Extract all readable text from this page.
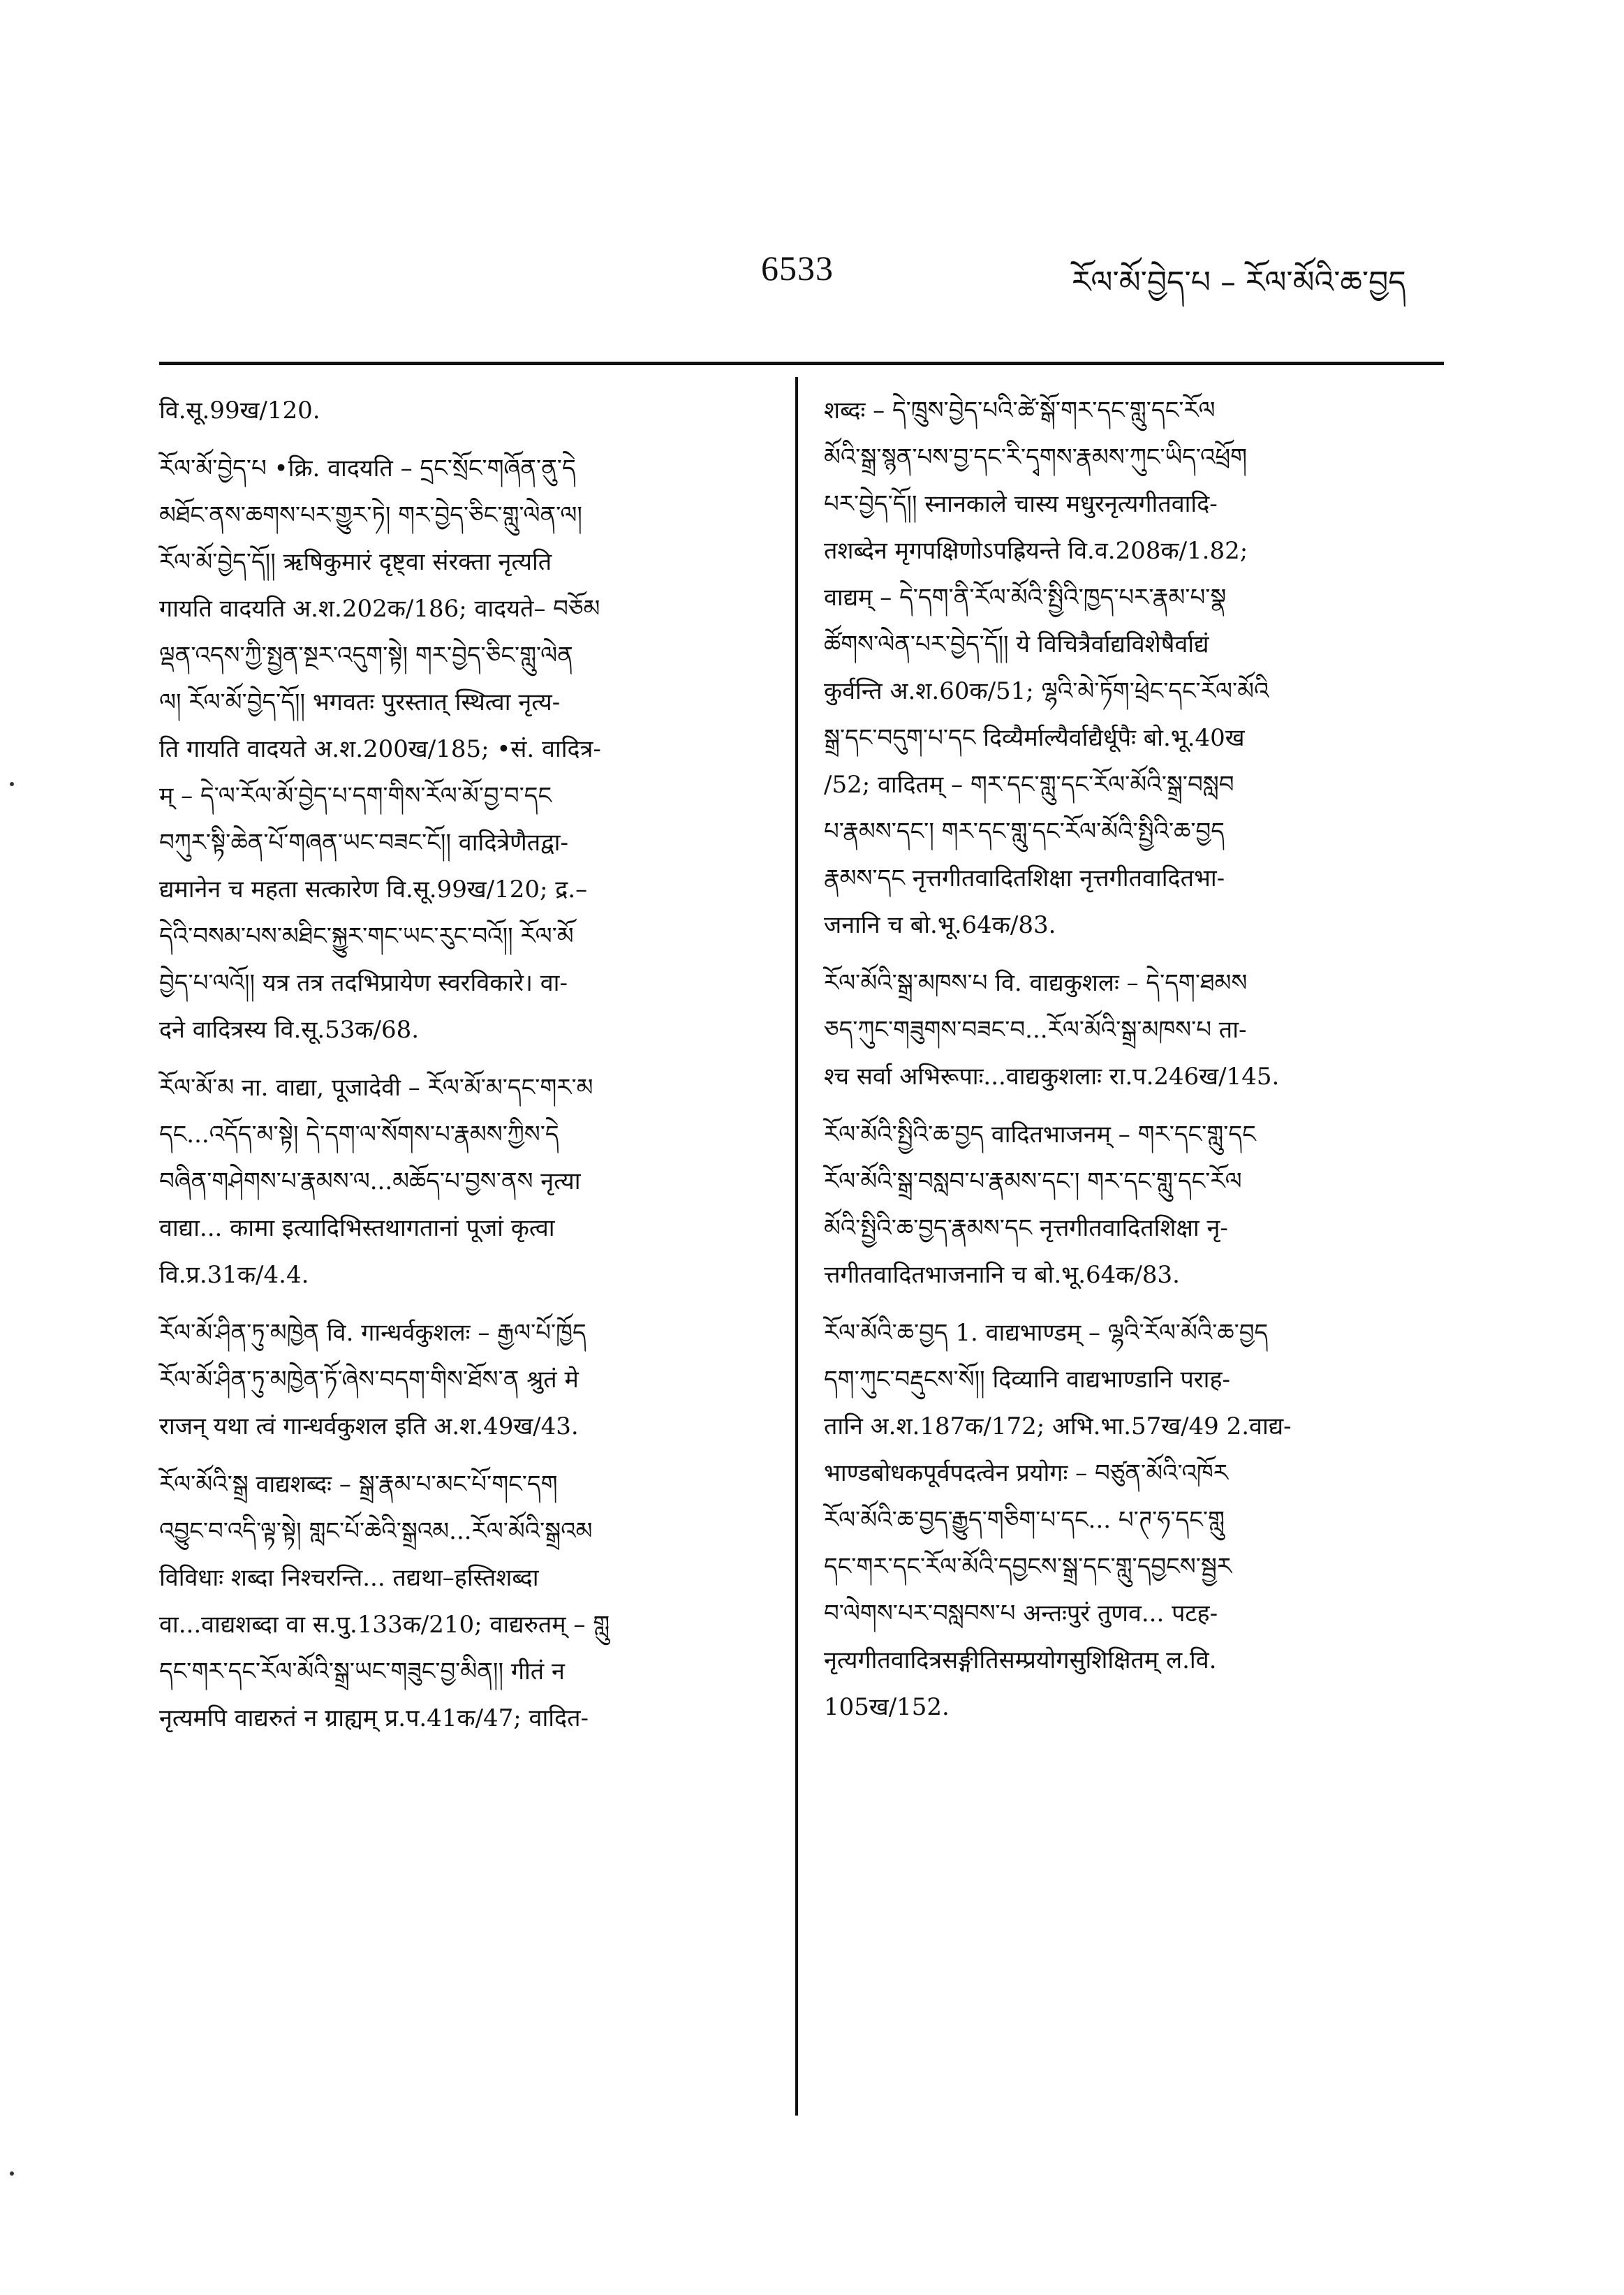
6533	རོལ་མོ་བྱེད་པ – རོལ་མོའི་ཆ་བྱད
वि.सू.99ख/120.
རོལ་མོ་བྱེད་པ •क्रि. वादयति – དྲང་སྲོང་གཞོན་ནུ་དེ
མཐོང་ནས་ཆགས་པར་གྱུར་ཏེ། གར་བྱེད་ཅིང་གླུ་ལེན་ལ།
རོལ་མོ་བྱེད་དོ།། ऋषिकुमारं दृष्ट्वा संरक्ता नृत्यति
गायति वादयति अ.श.202क/186; वादयते– བཅོམ
ལྡན་འདས་ཀྱི་སྤྱན་སྔར་འདུག་སྟེ། གར་བྱེད་ཅིང་གླུ་ལེན
ལ། རོལ་མོ་བྱེད་དོ།། भगवतः पुरस्तात् स्थित्वा नृत्य-
ति गायति वादयते अ.श.200ख/185; •सं. वादित्र-
म् – དེ་ལ་རོལ་མོ་བྱེད་པ་དག་གིས་རོལ་མོ་བྱ་བ་དང
བཀུར་སྟི་ཆེན་པོ་གཞན་ཡང་བཟང་ངོ།། वादित्रेणैतद्वा-
द्यमानेन च महता सत्कारेण वि.सू.99ख/120; द्र.–
དེའི་བསམ་པས་མཐིང་སྐྱུར་གང་ཡང་རུང་བའོ།། རོལ་མོ
བྱེད་པ་ལའོ།། यत्र तत्र तदभिप्रायेण स्वरविकारे। वा-
दने वादित्रस्य वि.सू.53क/68.
རོལ་མོ་མ ना. वाद्या, पूजादेवी – རོལ་མོ་མ་དང་གར་མ
དང...འདོད་མ་སྟེ། དེ་དག་ལ་སོགས་པ་རྣམས་ཀྱིས་དེ
བཞིན་གཤེགས་པ་རྣམས་ལ...མཆོད་པ་བྱས་ནས नृत्या
वाद्या... कामा इत्यादिभिस्तथागतानां पूजां कृत्वा
वि.प्र.31क/4.4.
རོལ་མོ་ཤིན་ཏུ་མཁྱེན वि. गान्धर्वकुशलः – རྒྱལ་པོ་ཁྱོད
རོལ་མོ་ཤིན་ཏུ་མཁྱེན་ཏོ་ཞེས་བདག་གིས་ཐོས་ན श्रुतं मे
राजन् यथा त्वं गान्धर्वकुशल इति अ.श.49ख/43.
རོལ་མོའི་སྒྲ वाद्यशब्दः – སྒྲ་རྣམ་པ་མང་པོ་གང་དག
འབྱུང་བ་འདི་ལྟ་སྟེ། གླང་པོ་ཆེའི་སྒྲའམ...རོལ་མོའི་སྒྲའམ
विविधाः शब्दा निश्चरन्ति... तद्यथा–हस्तिशब्दा
वा...वाद्यशब्दा वा स.पु.133क/210; वाद्यरुतम् – གླུ
དང་གར་དང་རོལ་མོའི་སྒྲ་ཡང་གཟུང་བྱ་མིན།། गीतं न
नृत्यमपि वाद्यरुतं न ग्राह्यम् प्र.प.41क/47; वादित-
शब्दः – དེ་ཁྲུས་བྱེད་པའི་ཚེ་སྒོ་གར་དང་གླུ་དང་རོལ
མོའི་སྒྲ་སྙན་པས་བྱ་དང་རི་དྭགས་རྣམས་ཀུང་ཡིད་འཕྲོག
པར་བྱེད་དོ།། स्नानकाले चास्य मधुरनृत्यगीतवादि-
तशब्देन मृगपक्षिणोऽपह्रियन्ते वि.व.208क/1.82;
वाद्यम् – དེ་དག་ནི་རོལ་མོའི་སྤྱིའི་ཁྱད་པར་རྣམ་པ་སྣ
ཚོགས་ལེན་པར་བྱེད་དོ།། ये विचित्रैर्वाद्यविशेषैर्वाद्यं
कुर्वन्ति अ.श.60क/51; ལྷའི་མེ་ཏོག་ཕྲེང་དང་རོལ་མོའི
སྒྲ་དང་བདུག་པ་དང दिव्यैर्माल्यैर्वाद्यैर्धूपैः बो.भू.40ख
/52; वादितम् – གར་དང་གླུ་དང་རོལ་མོའི་སྒྲ་བསླབ
པ་རྣམས་དང་། གར་དང་གླུ་དང་རོལ་མོའི་སྤྱིའི་ཆ་བྱད
རྣམས་དང नृत्तगीतवादितशिक्षा नृत्तगीतवादितभा-
जनानि च बो.भू.64क/83.
རོལ་མོའི་སྒྲ་མཁས་པ वि. वाद्यकुशलः – དེ་དག་ཐམས
ཅད་ཀུང་གཟུགས་བཟང་བ...རོལ་མོའི་སྒྲ་མཁས་པ ता-
श्च सर्वा अभिरूपाः...वाद्यकुशलाः रा.प.246ख/145.
རོལ་མོའི་སྤྱིའི་ཆ་བྱད वादितभाजनम् – གར་དང་གླུ་དང
རོལ་མོའི་སྒྲ་བསླབ་པ་རྣམས་དང་། གར་དང་གླུ་དང་རོལ
མོའི་སྤྱིའི་ཆ་བྱད་རྣམས་དང नृत्तगीतवादितशिक्षा नृ-
त्तगीतवादितभाजनानि च बो.भू.64क/83.
རོལ་མོའི་ཆ་བྱད 1. वाद्यभाण्डम् – ལྷའི་རོལ་མོའི་ཆ་བྱད
དག་ཀུང་བརྡུངས་སོ།། दिव्यानि वाद्यभाण्डानि पराह-
तानि अ.श.187क/172; अभि.भा.57ख/49 2.वाद्य-
भाण्डबोधकपूर्वपदत्वेन प्रयोगः – བཙུན་མོའི་འཁོར
རོལ་མོའི་ཆ་བྱད་རྒྱུད་གཅིག་པ་དང... པ་ཊ་ཧ་དང་གླུ
དང་གར་དང་རོལ་མོའི་དབྱངས་སྒྲ་དང་གླུ་དབྱངས་སྦྱར
བ་ལེགས་པར་བསླབས་པ अन्तःपुरं तुणव... पटह-
नृत्यगीतवादित्रसङ्गीतिसम्प्रयोगसुशिक्षितम् ल.वि.
105ख/152.
